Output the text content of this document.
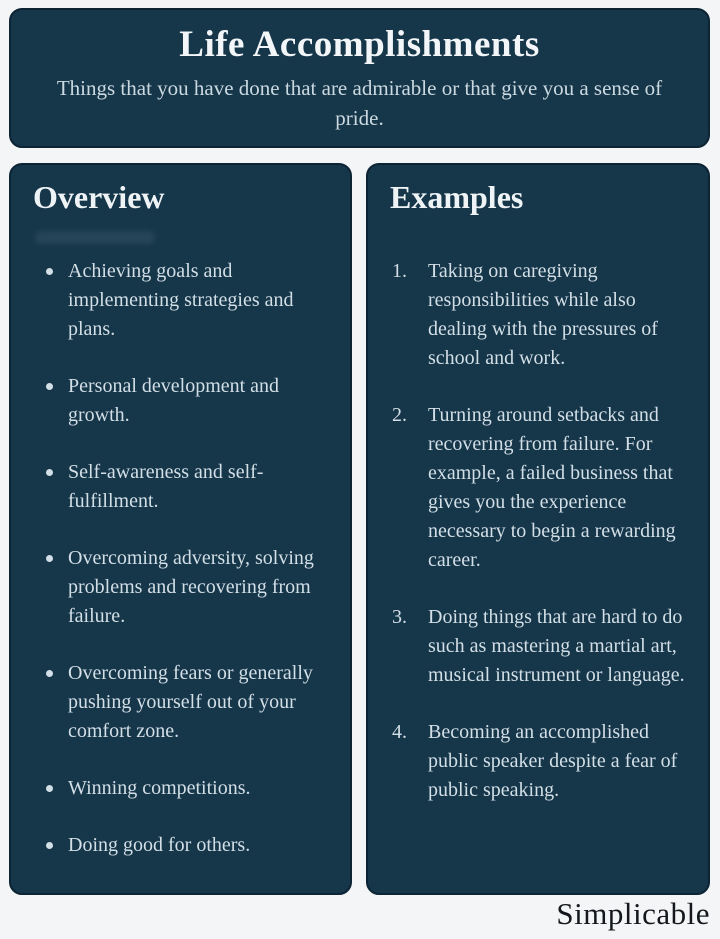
Life Accomplishments

Things that you have done that are admirable or that give you a sense of pride.

Overview
Achieving goals and implementing strategies and plans.
Personal development and growth.
Self-awareness and self-fulfillment.
Overcoming adversity, solving problems and recovering from failure.
Overcoming fears or generally pushing yourself out of your comfort zone.
Winning competitions.
Doing good for others.
Examples
Taking on caregiving responsibilities while also dealing with the pressures of school and work.
Turning around setbacks and recovering from failure. For example, a failed business that gives you the experience necessary to begin a rewarding career.
Doing things that are hard to do such as mastering a martial art, musical instrument or language.
Becoming an accomplished public speaker despite a fear of public speaking.
Simplicable
